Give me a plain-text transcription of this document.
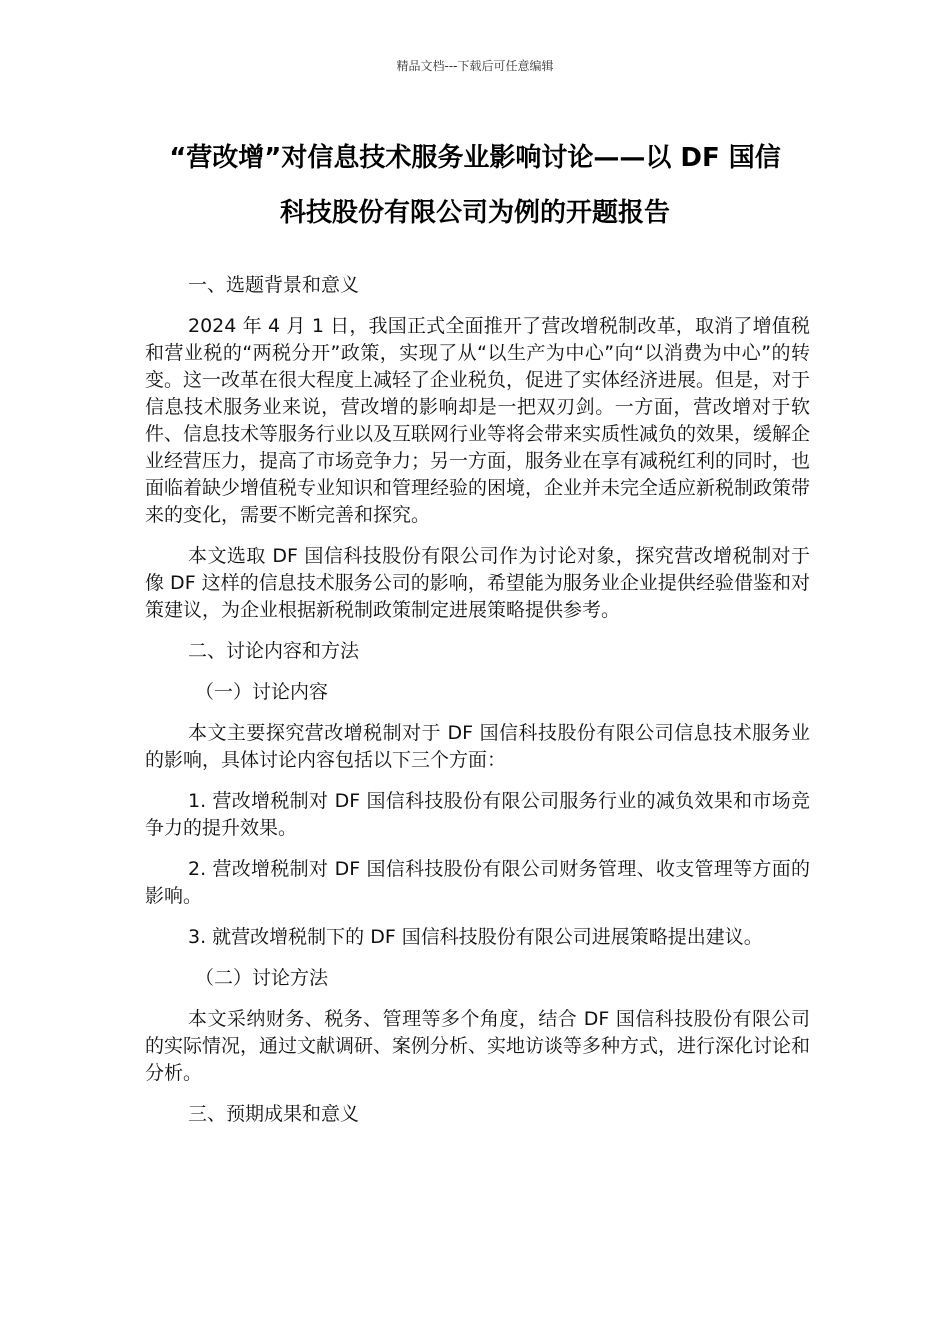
精品文档---下载后可任意编辑
“营改增”对信息技术服务业影响讨论——以 DF 国信
科技股份有限公司为例的开题报告

一、选题背景和意义

2024 年 4 月 1 日，我国正式全面推开了营改增税制改革，取消了增值税和营业税的“两税分开”政策，实现了从“以生产为中心”向“以消费为中心”的转变。这一改革在很大程度上减轻了企业税负，促进了实体经济进展。但是，对于信息技术服务业来说，营改增的影响却是一把双刃剑。一方面，营改增对于软件、信息技术等服务行业以及互联网行业等将会带来实质性减负的效果，缓解企业经营压力，提高了市场竞争力；另一方面，服务业在享有减税红利的同时，也面临着缺少增值税专业知识和管理经验的困境，企业并未完全适应新税制政策带来的变化，需要不断完善和探究。

本文选取 DF 国信科技股份有限公司作为讨论对象，探究营改增税制对于像 DF 这样的信息技术服务公司的影响，希望能为服务业企业提供经验借鉴和对策建议，为企业根据新税制政策制定进展策略提供参考。

二、讨论内容和方法

（一）讨论内容

本文主要探究营改增税制对于 DF 国信科技股份有限公司信息技术服务业的影响，具体讨论内容包括以下三个方面：

1. 营改增税制对 DF 国信科技股份有限公司服务行业的减负效果和市场竞争力的提升效果。

2. 营改增税制对 DF 国信科技股份有限公司财务管理、收支管理等方面的影响。

3. 就营改增税制下的 DF 国信科技股份有限公司进展策略提出建议。

（二）讨论方法

本文采纳财务、税务、管理等多个角度，结合 DF 国信科技股份有限公司的实际情况，通过文献调研、案例分析、实地访谈等多种方式，进行深化讨论和分析。

三、预期成果和意义
